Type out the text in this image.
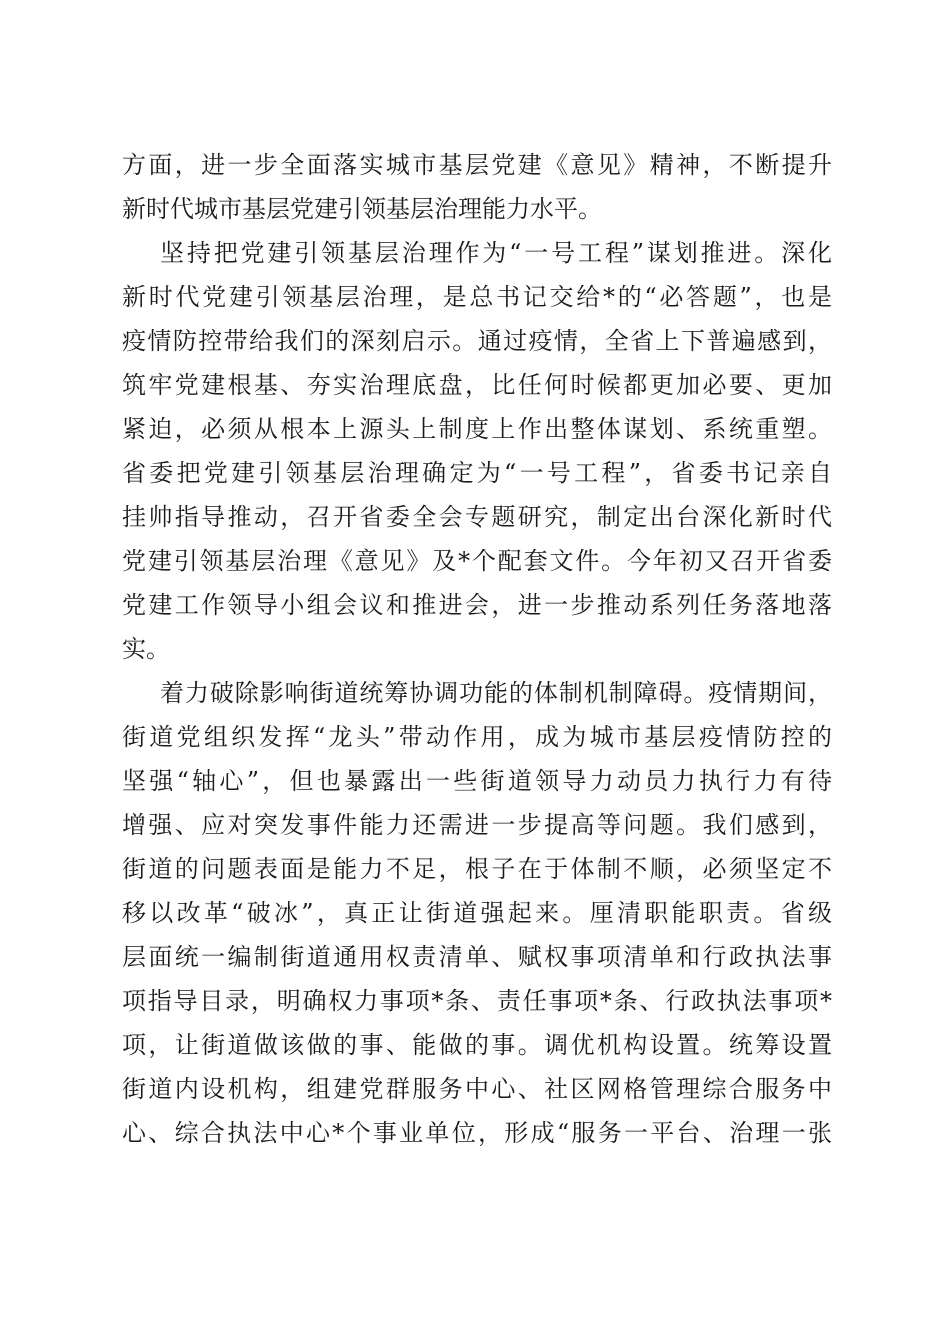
方面，进一步全面落实城市基层党建《意见》精神，不断提升
新时代城市基层党建引领基层治理能力水平。
坚持把党建引领基层治理作为“一号工程”谋划推进。深化
新时代党建引领基层治理，是总书记交给*的“必答题”，也是
疫情防控带给我们的深刻启示。通过疫情，全省上下普遍感到，
筑牢党建根基、夯实治理底盘，比任何时候都更加必要、更加
紧迫，必须从根本上源头上制度上作出整体谋划、系统重塑。
省委把党建引领基层治理确定为“一号工程”，省委书记亲自
挂帅指导推动，召开省委全会专题研究，制定出台深化新时代
党建引领基层治理《意见》及*个配套文件。今年初又召开省委
党建工作领导小组会议和推进会，进一步推动系列任务落地落
实。
着力破除影响街道统筹协调功能的体制机制障碍。疫情期间，
街道党组织发挥“龙头”带动作用，成为城市基层疫情防控的
坚强“轴心”，但也暴露出一些街道领导力动员力执行力有待
增强、应对突发事件能力还需进一步提高等问题。我们感到，
街道的问题表面是能力不足，根子在于体制不顺，必须坚定不
移以改革“破冰”，真正让街道强起来。厘清职能职责。省级
层面统一编制街道通用权责清单、赋权事项清单和行政执法事
项指导目录，明确权力事项*条、责任事项*条、行政执法事项*
项，让街道做该做的事、能做的事。调优机构设置。统筹设置
街道内设机构，组建党群服务中心、社区网格管理综合服务中
心、综合执法中心*个事业单位，形成“服务一平台、治理一张
